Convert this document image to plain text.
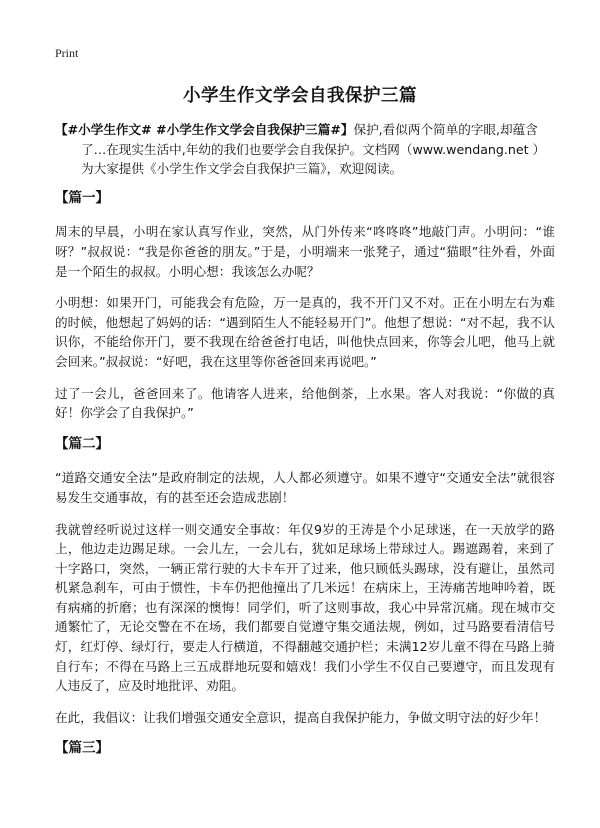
Print
小学生作文学会自我保护三篇
【#小学生作文# #小学生作文学会自我保护三篇#】保护,看似两个简单的字眼,却蕴含了…在现实生活中,年幼的我们也要学会自我保护。文档网（www.wendang.net ）为大家提供《小学生作文学会自我保护三篇》，欢迎阅读。
【篇一】

周末的早晨，小明在家认真写作业，突然，从门外传来“咚咚咚”地敲门声。小明问：“谁呀？”叔叔说：“我是你爸爸的朋友。”于是，小明端来一张凳子，通过“猫眼”往外看，外面是一个陌生的叔叔。小明心想：我该怎么办呢？

小明想：如果开门，可能我会有危险，万一是真的，我不开门又不对。正在小明左右为难的时候，他想起了妈妈的话：“遇到陌生人不能轻易开门”。他想了想说：“对不起，我不认识你，不能给你开门，要不我现在给爸爸打电话，叫他快点回来，你等会儿吧，他马上就会回来。”叔叔说：“好吧，我在这里等你爸爸回来再说吧。”

过了一会儿，爸爸回来了。他请客人进来，给他倒茶，上水果。客人对我说：“你做的真好！你学会了自我保护。”

【篇二】

“道路交通安全法”是政府制定的法规，人人都必须遵守。如果不遵守“交通安全法”就很容易发生交通事故，有的甚至还会造成悲剧！

我就曾经听说过这样一则交通安全事故：年仅9岁的王涛是个小足球迷，在一天放学的路上，他边走边踢足球。一会儿左，一会儿右，犹如足球场上带球过人。踢遮踢着，来到了十字路口，突然，一辆正常行驶的大卡车开了过来，他只顾低头踢球，没有避让，虽然司机紧急刹车，可由于惯性，卡车仍把他撞出了几米远！在病床上，王涛痛苦地呻吟着，既有病痛的折磨；也有深深的懊悔！同学们，听了这则事故，我心中异常沉痛。现在城市交通繁忙了，无论交警在不在场，我们都要自觉遵守集交通法规，例如，过马路要看清信号灯，红灯停、绿灯行，要走人行横道，不得翻越交通护栏；未满12岁儿童不得在马路上骑自行车；不得在马路上三五成群地玩耍和嬉戏！我们小学生不仅自己要遵守，而且发现有人违反了，应及时地批评、劝阻。

在此，我倡议：让我们增强交通安全意识，提高自我保护能力，争做文明守法的好少年！

【篇三】
